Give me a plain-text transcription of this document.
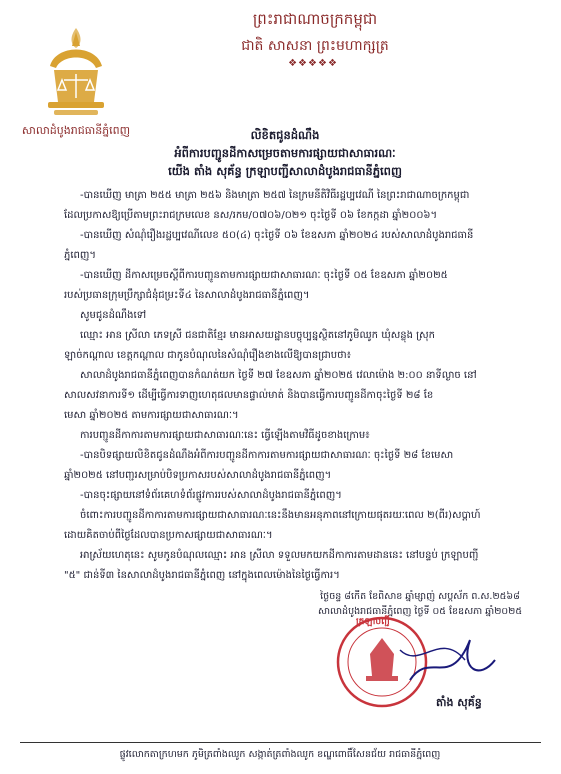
ព្រះរាជាណាចក្រកម្ពុជា
ជាតិ សាសនា ព្រះមហាក្សត្រ
❖❖❖❖❖
សាលាដំបូងរាជធានីភ្នំពេញ	លិខិតជូនដំណឹង
អំពីការបញ្ជូនដីកាសម្រេចតាមការផ្សាយជាសាធារណៈ
យើង តាំង សុគ័ន្ធ ក្រឡាបញ្ជីសាលាដំបូងរាជធានីភ្នំពេញ

-បានឃើញ មាត្រា ២៥៥ មាត្រា ២៥៦ និងមាត្រា ២៥៧ នៃក្រមនីតិវិធីរដ្ឋប្បវេណី នៃព្រះរាជាណាចក្រកម្ពុជា

ដែលប្រកាសឱ្យប្រើតាមព្រះរាជក្រមលេខ នស/រកម/០៧០៦/០២១ ចុះថ្ងៃទី ០៦ ខែកក្កដា ឆ្នាំ២០០៦។

-បានឃើញ សំណុំរឿងរដ្ឋប្បវេណីលេខ ៥០(៤) ចុះថ្ងៃទី ០៦ ខែឧសភា ឆ្នាំ២០២៤ របស់សាលាដំបូងរាជធានី

ភ្នំពេញ។

-បានឃើញ ដីកាសម្រេចស្តីពីការបញ្ជូនតាមការផ្សាយជាសាធារណៈ ចុះថ្ងៃទី ០៥ ខែឧសភា ឆ្នាំ២០២៥

របស់ប្រធានក្រុមប្រឹក្សាជំនុំជម្រះទី៤ នៃសាលាដំបូងរាជធានីភ្នំពេញ។

សូមជូនដំណឹងទៅ

ឈ្មោះ អាន ស្រីលា ភេទស្រី ជនជាតិខ្មែរ មានអាសយដ្ឋានបច្ចុប្បន្នស្ថិតនៅភូមិឈូក ឃុំសន្លុង ស្រុក

ឡាច់កណ្តាល ខេត្តកណ្តាល ជាកូនបំណុលនៃសំណុំរឿងខាងលើឱ្យបានជ្រាបថា៖

សាលាដំបូងរាជធានីភ្នំពេញបានកំណត់យក ថ្ងៃទី ២៧ ខែឧសភា ឆ្នាំ២០២៥ វេលាម៉ោង ២:០០ នាទីល្ងាច នៅ

សាលសវនាការទី១ ដើម្បីធ្វើការទាញហេតុផលមានផ្ទាល់មាត់ និងបានធ្វើការបញ្ជូនដីកាចុះថ្ងៃទី ២៨ ខែ

មេសា ឆ្នាំ២០២៥ តាមការផ្សាយជាសាធារណៈ។

ការបញ្ជូនដីកាការតាមការផ្សាយជាសាធារណៈនេះ ធ្វើឡើងតាមវិធីដូចខាងក្រោម៖

-បានបិទផ្សាយលិខិតជូនដំណឹងអំពីការបញ្ជូនដីកាការតាមការផ្សាយជាសាធារណៈ ចុះថ្ងៃទី ២៨ ខែមេសា

ឆ្នាំ២០២៥ នៅបញ្ជរសម្រាប់បិទប្រកាសរបស់សាលាដំបូងរាជធានីភ្នំពេញ។

-បានចុះផ្សាយនៅទំព័រគេហទំព័រផ្លូវការរបស់សាលាដំបូងរាជធានីភ្នំពេញ។

ចំពោះការបញ្ជូនដីកាការតាមការផ្សាយជាសាធារណៈនេះនឹងមានអនុភាពនៅក្រោយផុតរយៈពេល ២(ពីរ)សប្តាហ៍

ដោយគិតចាប់ពីថ្ងៃដែលបានប្រកាសផ្សាយជាសាធារណៈ។

អាស្រ័យហេតុនេះ សូមកូនបំណុលឈ្មោះ អាន ស្រីលា ទទួលមកយកដីកាការតាមដាននេះ នៅបន្ទប់ ក្រឡាបញ្ជី

"៥" ជាន់ទី៣ នៃសាលាដំបូងរាជធានីភ្នំពេញ នៅក្នុងពេលម៉ោងនៃថ្ងៃធ្វើការ។

ថ្ងៃចន្ទ ៨កើត ខែពិសាខ ឆ្នាំម្សាញ់ សប្តស័ក ព.ស.២៥៦៨
សាលាដំបូងរាជធានីភ្នំពេញ ថ្ងៃទី ០៥ ខែឧសភា ឆ្នាំ២០២៥
ក្រឡាបញ្ជី
តាំង សុគ័ន្ធ
ផ្លូវលោកតាក្រហមក ភូមិត្រពាំងឈូក សង្កាត់ត្រពាំងឈូក ខណ្ឌពោធិ៍សែនជ័យ រាជធានីភ្នំពេញ
